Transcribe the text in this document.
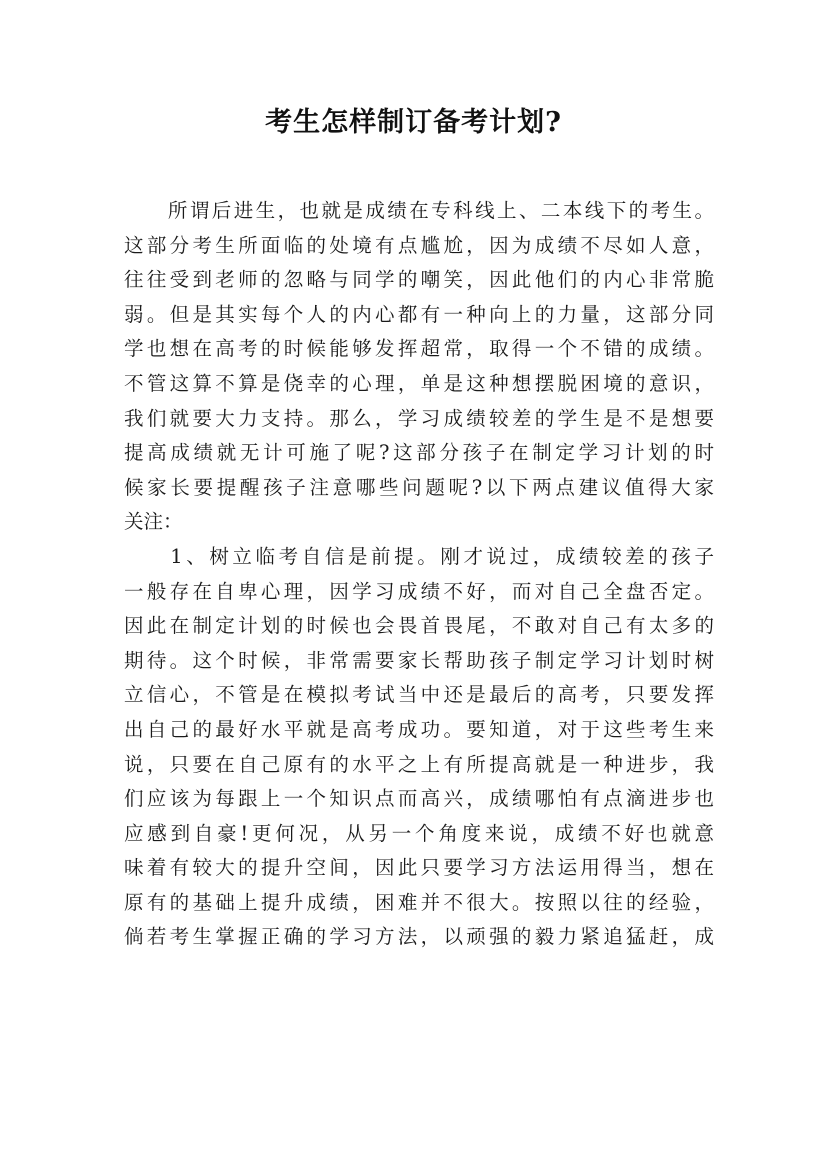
考生怎样制订备考计划?
　　所谓后进生，也就是成绩在专科线上、二本线下的考生。
这部分考生所面临的处境有点尴尬，因为成绩不尽如人意，
往往受到老师的忽略与同学的嘲笑，因此他们的内心非常脆
弱。但是其实每个人的内心都有一种向上的力量，这部分同
学也想在高考的时候能够发挥超常，取得一个不错的成绩。
不管这算不算是侥幸的心理，单是这种想摆脱困境的意识，
我们就要大力支持。那么，学习成绩较差的学生是不是想要
提高成绩就无计可施了呢?这部分孩子在制定学习计划的时
候家长要提醒孩子注意哪些问题呢?以下两点建议值得大家
关注：
　　1、树立临考自信是前提。刚才说过，成绩较差的孩子
一般存在自卑心理，因学习成绩不好，而对自己全盘否定。
因此在制定计划的时候也会畏首畏尾，不敢对自己有太多的
期待。这个时候，非常需要家长帮助孩子制定学习计划时树
立信心，不管是在模拟考试当中还是最后的高考，只要发挥
出自己的最好水平就是高考成功。要知道，对于这些考生来
说，只要在自己原有的水平之上有所提高就是一种进步，我
们应该为每跟上一个知识点而高兴，成绩哪怕有点滴进步也
应感到自豪!更何况，从另一个角度来说，成绩不好也就意
味着有较大的提升空间，因此只要学习方法运用得当，想在
原有的基础上提升成绩，困难并不很大。按照以往的经验，
倘若考生掌握正确的学习方法，以顽强的毅力紧追猛赶，成
